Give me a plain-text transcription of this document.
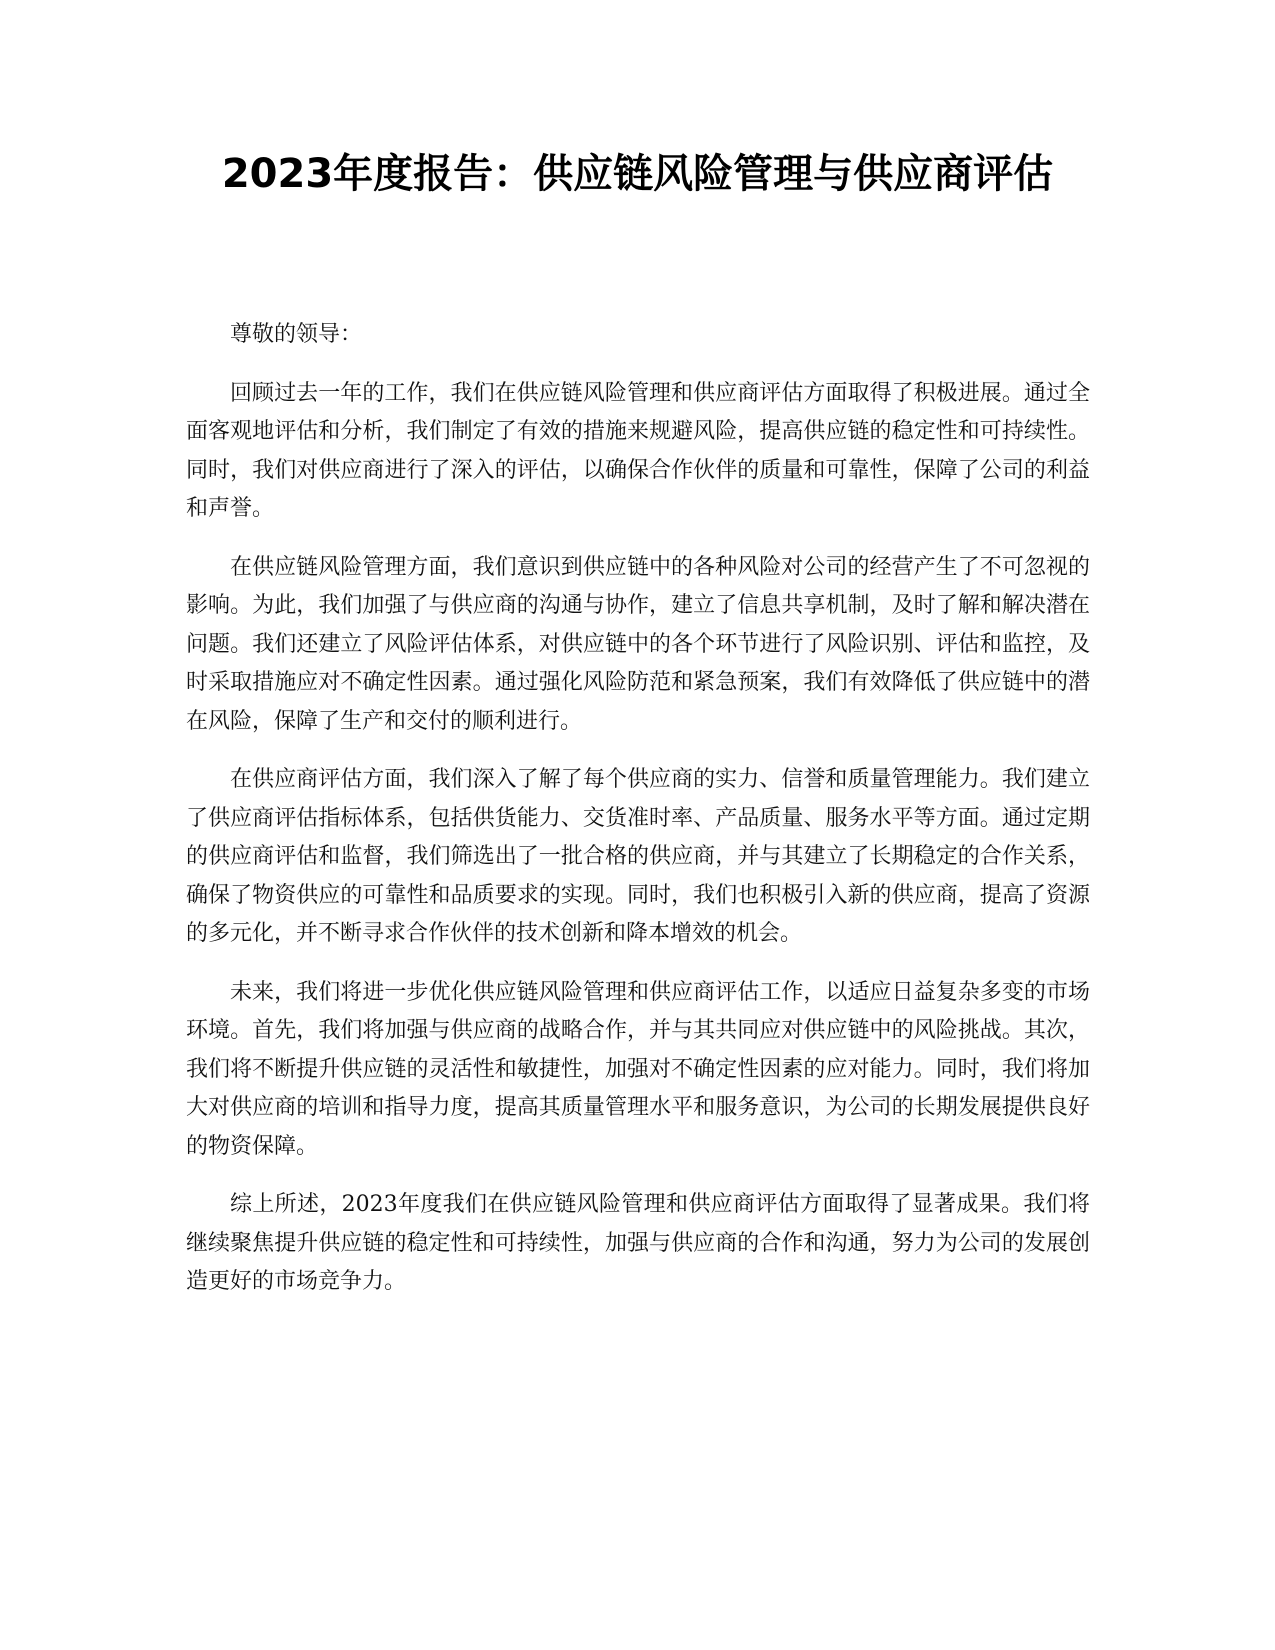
2023年度报告：供应链风险管理与供应商评估

尊敬的领导：

回顾过去一年的工作，我们在供应链风险管理和供应商评估方面取得了积极进展。通过全面客观地评估和分析，我们制定了有效的措施来规避风险，提高供应链的稳定性和可持续性。同时，我们对供应商进行了深入的评估，以确保合作伙伴的质量和可靠性，保障了公司的利益和声誉。

在供应链风险管理方面，我们意识到供应链中的各种风险对公司的经营产生了不可忽视的影响。为此，我们加强了与供应商的沟通与协作，建立了信息共享机制，及时了解和解决潜在问题。我们还建立了风险评估体系，对供应链中的各个环节进行了风险识别、评估和监控，及时采取措施应对不确定性因素。通过强化风险防范和紧急预案，我们有效降低了供应链中的潜在风险，保障了生产和交付的顺利进行。

在供应商评估方面，我们深入了解了每个供应商的实力、信誉和质量管理能力。我们建立了供应商评估指标体系，包括供货能力、交货准时率、产品质量、服务水平等方面。通过定期的供应商评估和监督，我们筛选出了一批合格的供应商，并与其建立了长期稳定的合作关系，确保了物资供应的可靠性和品质要求的实现。同时，我们也积极引入新的供应商，提高了资源的多元化，并不断寻求合作伙伴的技术创新和降本增效的机会。

未来，我们将进一步优化供应链风险管理和供应商评估工作，以适应日益复杂多变的市场环境。首先，我们将加强与供应商的战略合作，并与其共同应对供应链中的风险挑战。其次，我们将不断提升供应链的灵活性和敏捷性，加强对不确定性因素的应对能力。同时，我们将加大对供应商的培训和指导力度，提高其质量管理水平和服务意识，为公司的长期发展提供良好的物资保障。

综上所述，2023年度我们在供应链风险管理和供应商评估方面取得了显著成果。我们将继续聚焦提升供应链的稳定性和可持续性，加强与供应商的合作和沟通，努力为公司的发展创造更好的市场竞争力。
